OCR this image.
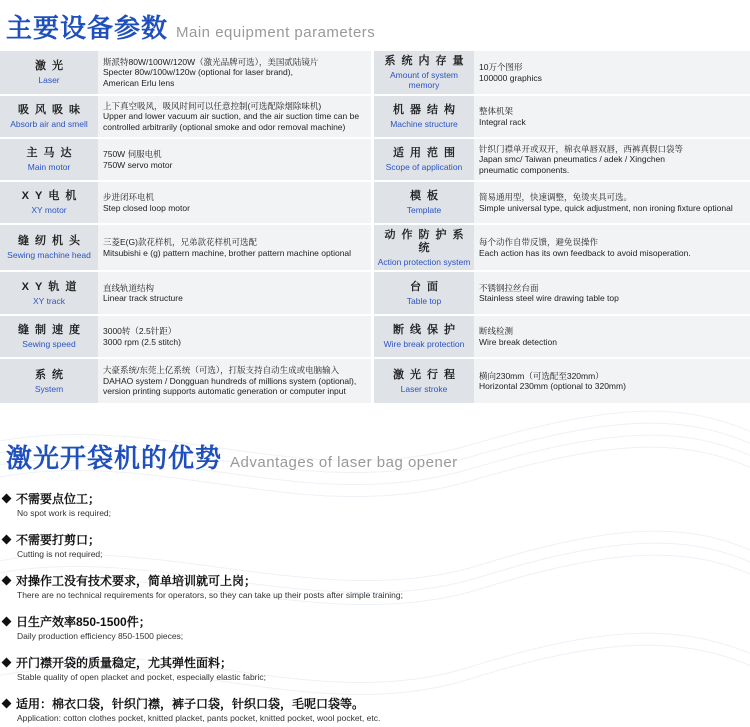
主要设备参数 Main equipment parameters
激光
Laser
斯派特80W/100W/120W（激光品牌可选），美国贰陆镜片
Specter 80w/100w/120w (optional for laser brand),
American Erlu lens
系统内存量
Amount of system memory
10万个图形
100000 graphics
吸风吸味
Absorb air and smell
上下真空吸风，吸风时间可以任意控制(可选配除烟除味机)
Upper and lower vacuum air suction, and the air suction time can be
controlled arbitrarily (optional smoke and odor removal machine)
机器结构
Machine structure
整体机架
Integral rack
主马达
Main motor
750W 伺服电机
750W servo motor
适用范围
Scope of application
针织门襟单开或双开，棉衣单唇双唇，西裤真假口袋等
Japan smc/ Taiwan pneumatics / adek / Xingchen
pneumatic components.
XY电机
XY motor
步进闭环电机
Step closed loop motor
模板
Template
简易通用型，快速调整，免烫夹具可选。
Simple universal type, quick adjustment, non ironing fixture optional
缝纫机头
Sewing machine head
三菱E(G)款花样机，兄弟款花样机可选配
Mitsubishi e (g) pattern machine, brother pattern machine optional
动作防护系统
Action protection system
每个动作自带反馈，避免误操作
Each action has its own feedback to avoid misoperation.
XY轨道
XY track
直线轨道结构
Linear track structure
台面
Table top
不锈钢拉丝台面
Stainless steel wire drawing table top
缝制速度
Sewing speed
3000转（2.5针距）
3000 rpm (2.5 stitch)
断线保护
Wire break protection
断线检测
Wire break detection
系统
System
大豪系统/东莞上亿系统（可选），打版支持自动生成或电脑输入
DAHAO system / Dongguan hundreds of millions system (optional),
version printing supports automatic generation or computer input
激光行程
Laser stroke
横向230mm（可选配至320mm）
Horizontal 230mm (optional to 320mm)
激光开袋机的优势 Advantages of laser bag opener
不需要点位工；
No spot work is required;
不需要打剪口；
Cutting is not required;
对操作工没有技术要求，简单培训就可上岗；
There are no technical requirements for operators, so they can take up their posts after simple training;
日生产效率850-1500件；
Daily production efficiency 850-1500 pieces;
开门襟开袋的质量稳定，尤其弹性面料；
Stable quality of open placket and pocket, especially elastic fabric;
适用：棉衣口袋，针织门襟，裤子口袋，针织口袋，毛呢口袋等。
Application: cotton clothes pocket, knitted placket, pants pocket, knitted pocket, wool pocket, etc.
